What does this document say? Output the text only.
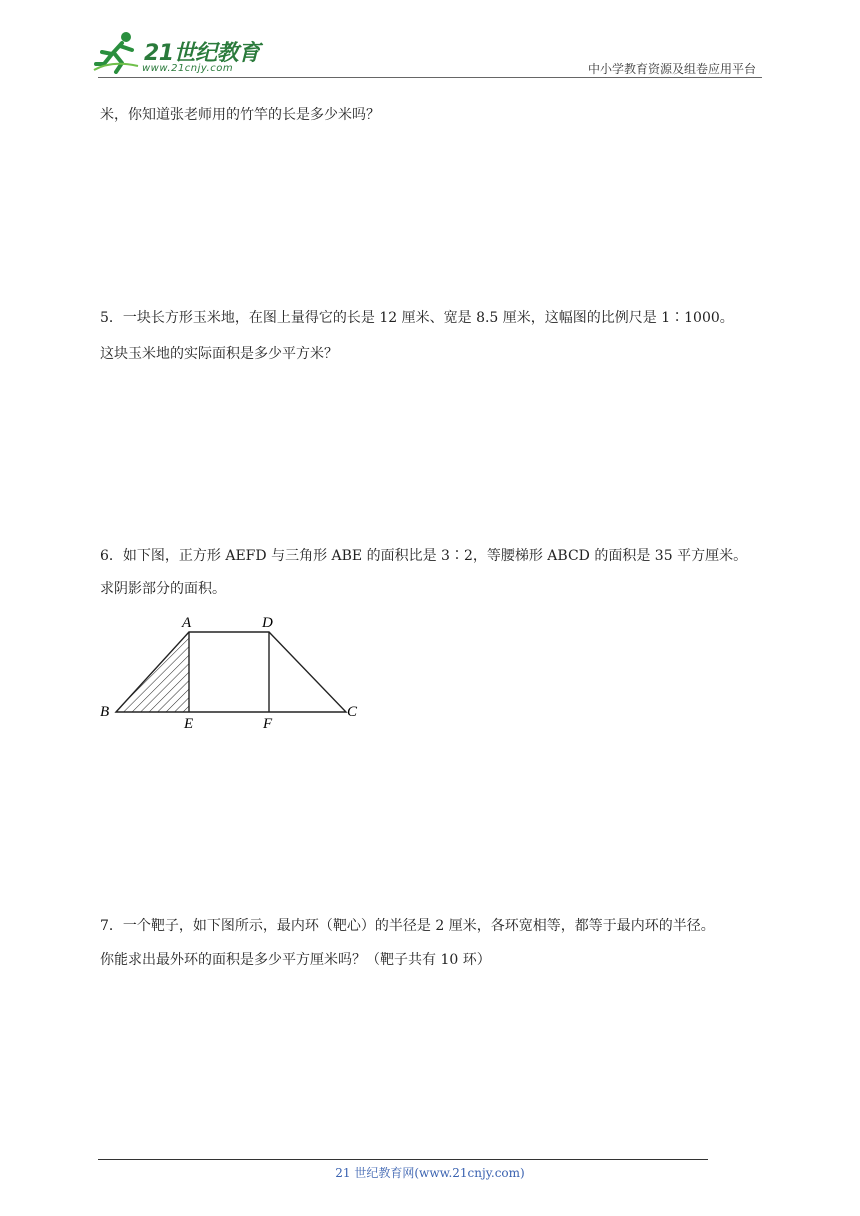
21世纪教育
www.21cnjy.com	中小学教育资源及组卷应用平台
米，你知道张老师用的竹竿的长是多少米吗？
5．一块长方形玉米地，在图上量得它的长是 12 厘米、宽是 8.5 厘米，这幅图的比例尺是 1∶1000。
这块玉米地的实际面积是多少平方米？
6．如下图，正方形 AEFD 与三角形 ABE 的面积比是 3∶2，等腰梯形 ABCD 的面积是 35 平方厘米。
求阴影部分的面积。
A	D
B
E	F
C
7．一个靶子，如下图所示，最内环（靶心）的半径是 2 厘米，各环宽相等，都等于最内环的半径。
你能求出最外环的面积是多少平方厘米吗？（靶子共有 10 环）
21 世纪教育网(www.21cnjy.com)
